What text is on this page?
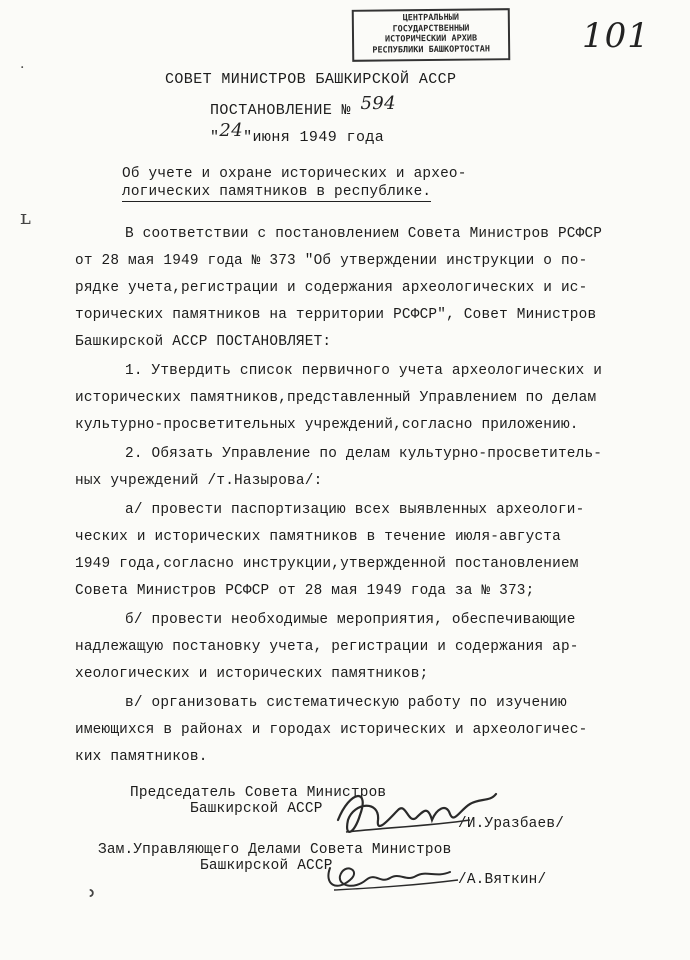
ЦЕНТРАЛЬНЫЙ
ГОСУДАРСТВЕННЫЙ
ИСТОРИЧЕСКИЙ АРХИВ
РЕСПУБЛИКИ БАШКОРТОСТАН	101
·
ʟ
ʾ
СОВЕТ МИНИСТРОВ БАШКИРСКОЙ АССР
ПОСТАНОВЛЕНИЕ № 594
"24"июня 1949 года
Об учете и охране исторических и архео-
логических памятников в республике.
В соответствии с постановлением Совета Министров РСФСР
от 28 мая 1949 года № 373 "Об утверждении инструкции о по-
рядке учета,регистрации и содержания археологических и ис-
торических памятников на территории РСФСР", Совет Министров
Башкирской АССР ПОСТАНОВЛЯЕТ:
1. Утвердить список первичного учета археологических и
исторических памятников,представленный Управлением по делам
культурно-просветительных учреждений,согласно приложению.
2. Обязать Управление по делам культурно-просветитель-
ных учреждений /т.Назырова/:
а/ провести паспортизацию всех выявленных археологи-
ческих и исторических памятников в течение июля-августа
1949 года,согласно инструкции,утвержденной постановлением
Совета Министров РСФСР от 28 мая 1949 года за № 373;
б/ провести необходимые мероприятия, обеспечивающие
надлежащую постановку учета, регистрации и содержания ар-
хеологических и исторических памятников;
в/ организовать систематическую работу по изучению
имеющихся в районах и городах исторических и археологичес-
ких памятников.
Председатель Совета Министров
Башкирской АССР
/И.Уразбаев/
Зам.Управляющего Делами Совета Министров
Башкирской АССР
/А.Вяткин/
